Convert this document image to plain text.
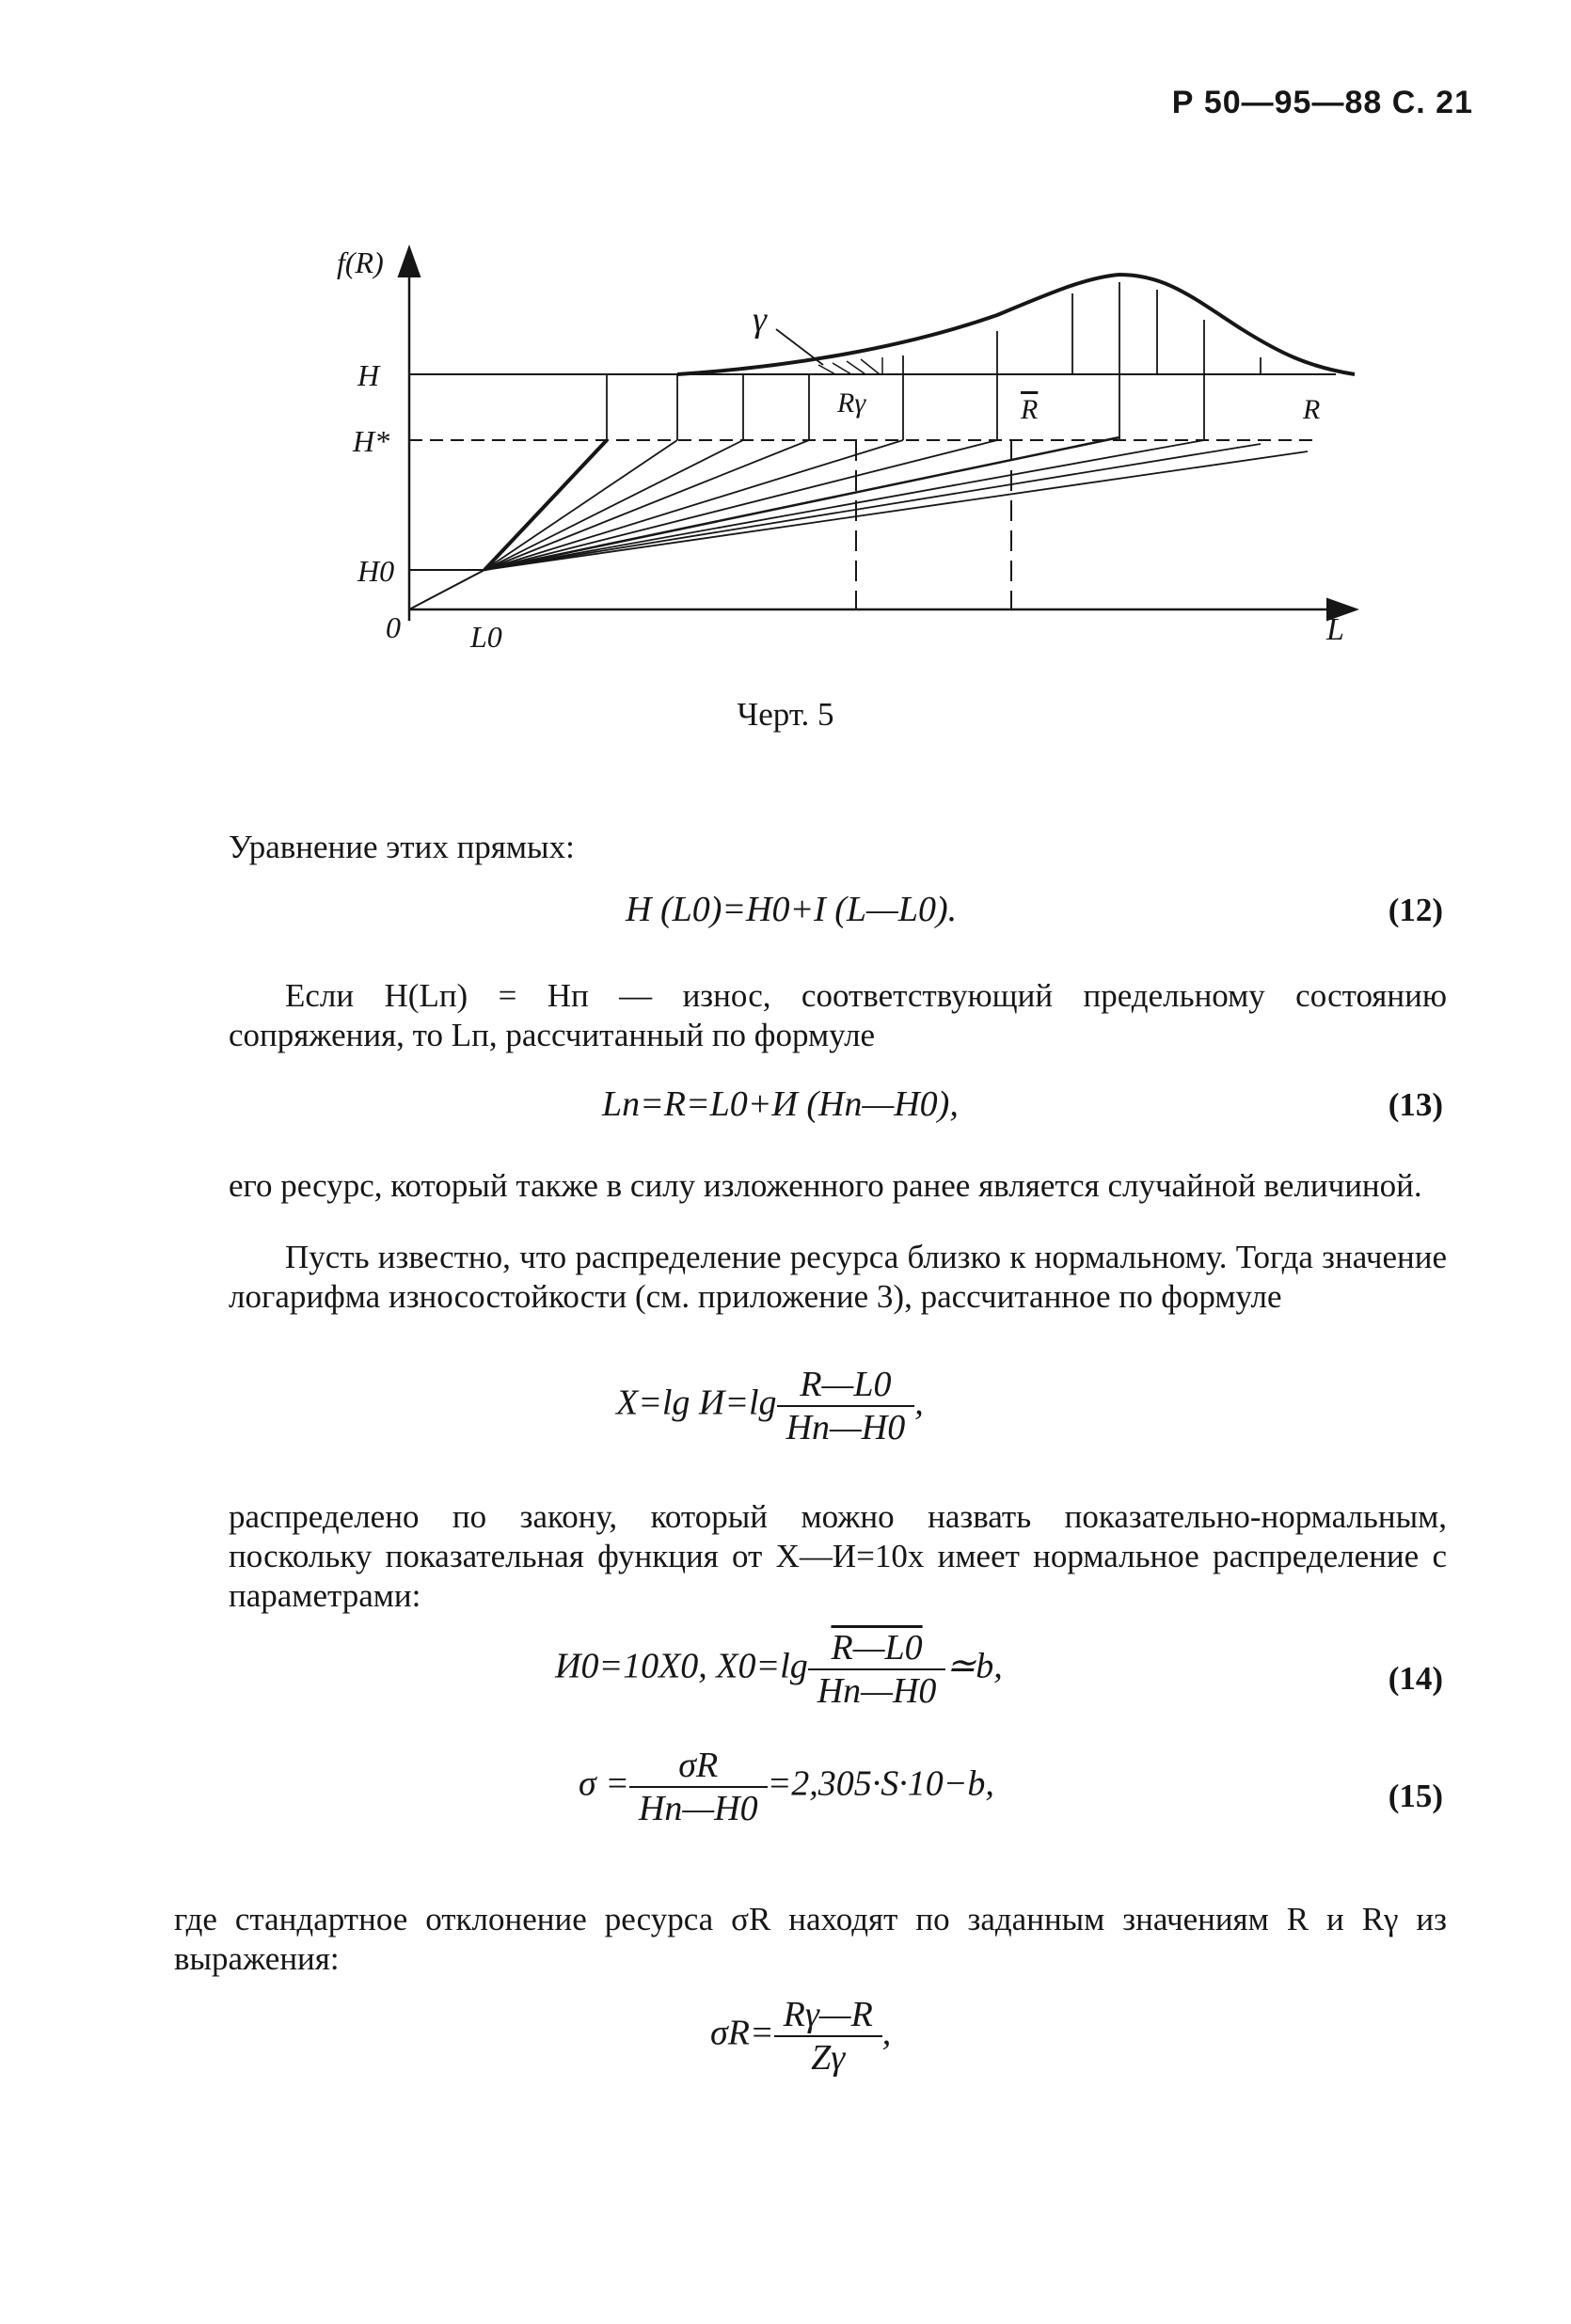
Р 50—95—88 С. 21
f(R)
H
H*
H0
0 L0	L
γ
Rγ	R	R
Черт. 5
Уравнение этих прямых:
H (L0)=H0+I (L—L0).	(12)
Если H(Lп) = Hп — износ, соответствующий предельному состоянию сопряжения, то Lп, рассчитанный по формуле
Lп=R=L0+И (Hп—H0),	(13)
его ресурс, который также в силу изложенного ранее является случайной величиной.
Пусть известно, что распределение ресурса близко к нормальному. Тогда значение логарифма износостойкости (см. приложение 3), рассчитанное по формуле
X=lg $И=\lg \frac{R—L0}{Hп—H0}$ ,
распределено по закону, который можно назвать показательно-нормальным, поскольку показательная функция от X—И=10x имеет нормальное распределение с параметрами:
И0=10X0, $X0=\lg \frac{R—L0}{Hп—H0}$ ≃b,	(14)
$\sigma = \frac{\sigma R}{Hп—H0} =2,305\cdot S\cdot 10-b$,	(15)
где стандартное отклонение ресурса σR находят по заданным значениям R и Rγ из выражения:
$\sigma R= \frac{R\gamma—R}{Z\gamma}$ ,
